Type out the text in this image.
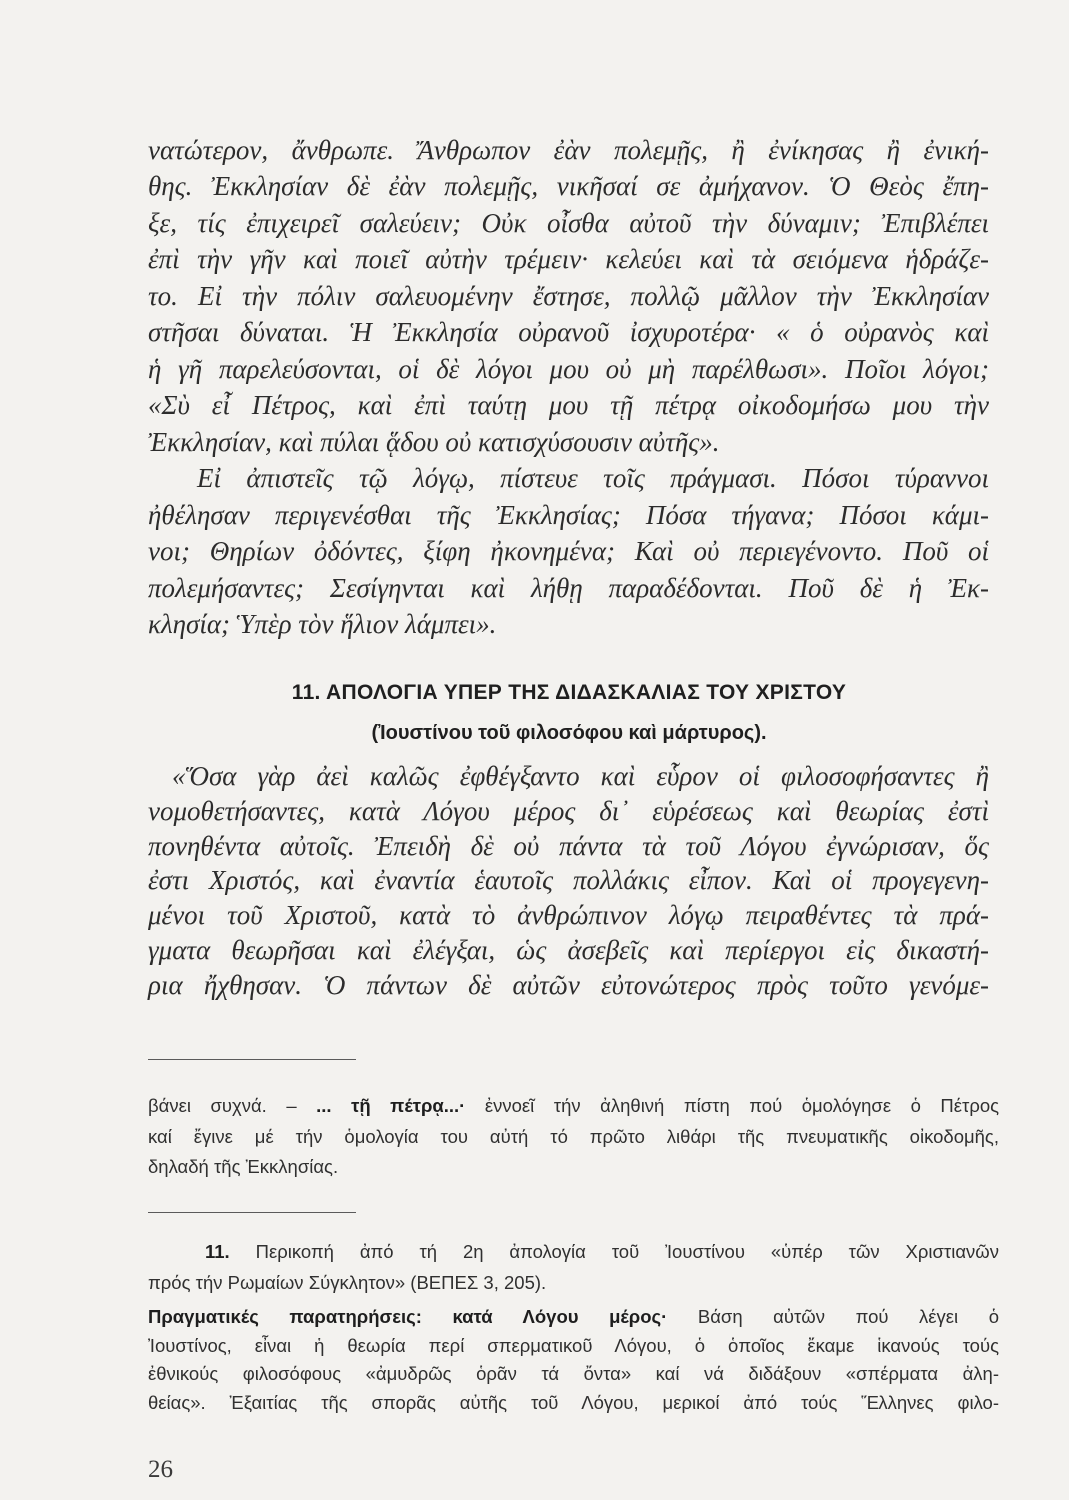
νατώτερον, ἄνθρωπε. Ἄνθρωπον ἐὰν πολεμῇς, ἢ ἐνίκησας ἢ ἐνική-
θης. Ἐκκλησίαν δὲ ἐὰν πολεμῇς, νικῆσαί σε ἀμήχανον. Ὁ Θεὸς ἔπη-
ξε, τίς ἐπιχειρεῖ σαλεύειν; Οὐκ οἶσθα αὐτοῦ τὴν δύναμιν; Ἐπιβλέπει
ἐπὶ τὴν γῆν καὶ ποιεῖ αὐτὴν τρέμειν· κελεύει καὶ τὰ σειόμενα ἡδράζε-
το. Εἰ τὴν πόλιν σαλευομένην ἔστησε, πολλῷ μᾶλλον τὴν Ἐκκλησίαν
στῆσαι δύναται. Ἡ Ἐκκλησία οὐρανοῦ ἰσχυροτέρα· « ὁ οὐρανὸς καὶ
ἡ γῆ παρελεύσονται, οἱ δὲ λόγοι μου οὐ μὴ παρέλθωσι». Ποῖοι λόγοι;
«Σὺ εἶ Πέτρος, καὶ ἐπὶ ταύτῃ μου τῇ πέτρᾳ οἰκοδομήσω μου τὴν
Ἐκκλησίαν, καὶ πύλαι ᾅδου οὐ κατισχύσουσιν αὐτῆς».
Εἰ ἀπιστεῖς τῷ λόγῳ, πίστευε τοῖς πράγμασι. Πόσοι τύραννοι
ἠθέλησαν περιγενέσθαι τῆς Ἐκκλησίας; Πόσα τήγανα; Πόσοι κάμι-
νοι; Θηρίων ὀδόντες, ξίφη ἠκονημένα; Καὶ οὐ περιεγένοντο. Ποῦ οἱ
πολεμήσαντες; Σεσίγηνται καὶ λήθῃ παραδέδονται. Ποῦ δὲ ἡ Ἐκ-
κλησία; Ὑπὲρ τὸν ἥλιον λάμπει».
11. ΑΠΟΛΟΓΙΑ ΥΠΕΡ ΤΗΣ ΔΙΔΑΣΚΑΛΙΑΣ ΤΟΥ ΧΡΙΣΤΟΥ
(Ἰουστίνου τοῦ φιλοσόφου καὶ μάρτυρος).
«Ὅσα γὰρ ἀεὶ καλῶς ἐφθέγξαντο καὶ εὗρον οἱ φιλοσοφήσαντες ἢ
νομοθετήσαντες, κατὰ Λόγου μέρος δι᾽ εὑρέσεως καὶ θεωρίας ἐστὶ
πονηθέντα αὐτοῖς. Ἐπειδὴ δὲ οὐ πάντα τὰ τοῦ Λόγου ἐγνώρισαν, ὅς
ἐστι Χριστός, καὶ ἐναντία ἑαυτοῖς πολλάκις εἶπον. Καὶ οἱ προγεγενη-
μένοι τοῦ Χριστοῦ, κατὰ τὸ ἀνθρώπινον λόγῳ πειραθέντες τὰ πρά-
γματα θεωρῆσαι καὶ ἐλέγξαι, ὡς ἀσεβεῖς καὶ περίεργοι εἰς δικαστή-
ρια ἤχθησαν. Ὁ πάντων δὲ αὐτῶν εὐτονώτερος πρὸς τοῦτο γενόμε-
βάνει συχνά. – ... τῇ πέτρᾳ...· ἐννοεῖ τήν ἀληθινή πίστη πού ὁμολόγησε ὁ Πέτρος
καί ἔγινε μέ τήν ὁμολογία του αὐτή τό πρῶτο λιθάρι τῆς πνευματικῆς οἰκοδομῆς,
δηλαδή τῆς Ἐκκλησίας.
11. Περικοπή ἀπό τή 2η ἀπολογία τοῦ Ἰουστίνου «ὑπέρ τῶν Χριστιανῶν
πρός τήν Ρωμαίων Σύγκλητον» (ΒΕΠΕΣ 3, 205).
Πραγματικές παρατηρήσεις: κατά Λόγου μέρος· Βάση αὐτῶν πού λέγει ὁ
Ἰουστίνος, εἶναι ἡ θεωρία περί σπερματικοῦ Λόγου, ὁ ὁποῖος ἔκαμε ἱκανούς τούς
ἐθνικούς φιλοσόφους «ἀμυδρῶς ὁρᾶν τά ὄντα» καί νά διδάξουν «σπέρματα ἀλη-
θείας». Ἐξαιτίας τῆς σπορᾶς αὐτῆς τοῦ Λόγου, μερικοί ἀπό τούς Ἕλληνες φιλο-
26
